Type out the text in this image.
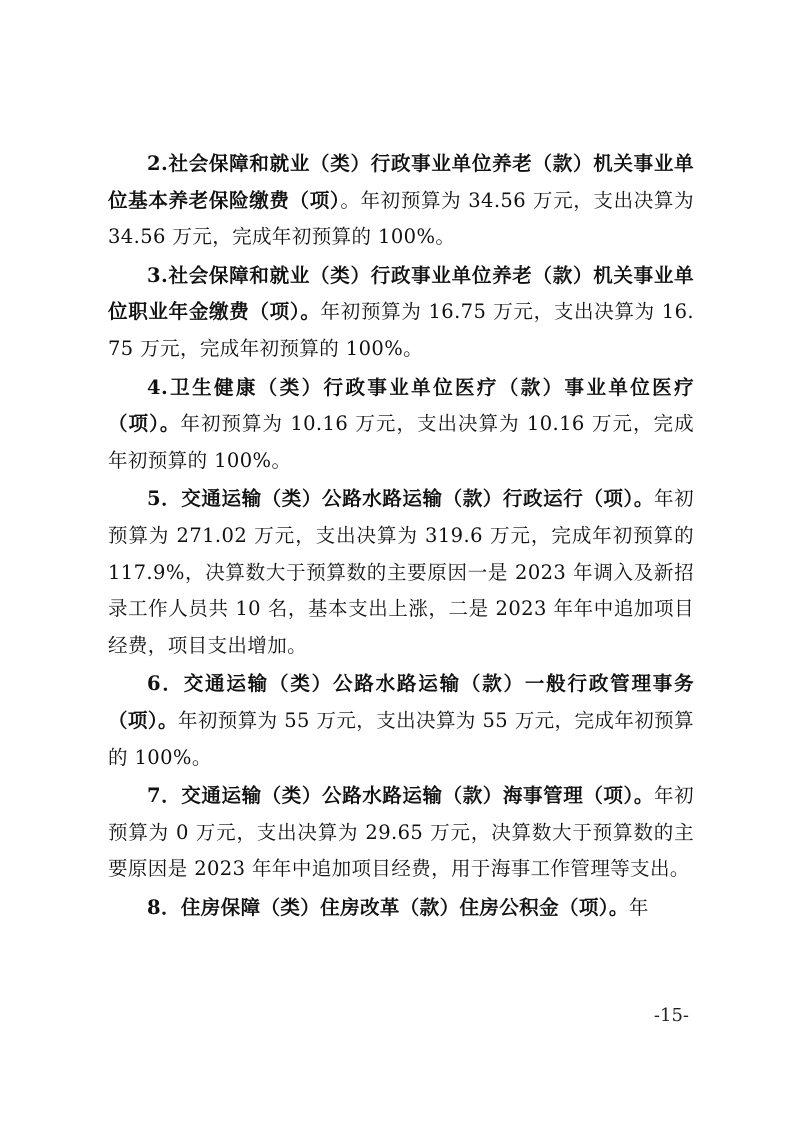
2.社会保障和就业（类）行政事业单位养老（款）机关事业单位基本养老保险缴费（项）。年初预算为 34.56 万元，支出决算为 34.56 万元，完成年初预算的 100%。

3.社会保障和就业（类）行政事业单位养老（款）机关事业单位职业年金缴费（项）。年初预算为 16.75 万元，支出决算为 16.75 万元，完成年初预算的 100%。

4.卫生健康（类）行政事业单位医疗（款）事业单位医疗（项）。年初预算为 10.16 万元，支出决算为 10.16 万元，完成年初预算的 100%。

5．交通运输（类）公路水路运输（款）行政运行（项）。年初预算为 271.02 万元，支出决算为 319.6 万元，完成年初预算的 117.9%，决算数大于预算数的主要原因一是 2023 年调入及新招录工作人员共 10 名，基本支出上涨，二是 2023 年年中追加项目经费，项目支出增加。

6．交通运输（类）公路水路运输（款）一般行政管理事务（项）。年初预算为 55 万元，支出决算为 55 万元，完成年初预算的 100%。

7．交通运输（类）公路水路运输（款）海事管理（项）。年初预算为 0 万元，支出决算为 29.65 万元，决算数大于预算数的主要原因是 2023 年年中追加项目经费，用于海事工作管理等支出。

8．住房保障（类）住房改革（款）住房公积金（项）。年

-15-
